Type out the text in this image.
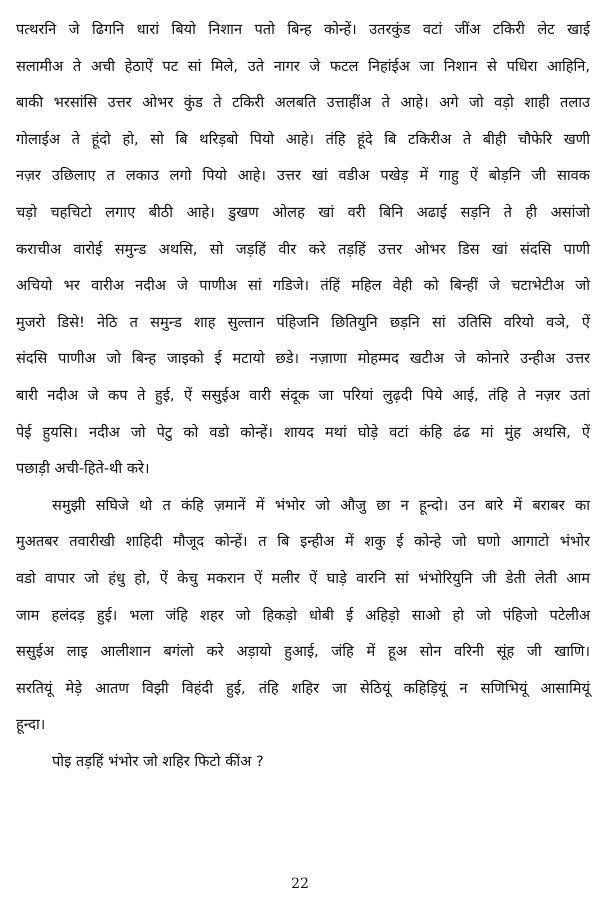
पत्थरनि जे ढिगनि धारां बियो निशान पतो बिन्ह कोन्हें। उतरकुंड वटां जींअ टकिरी लेट खाई
सलामीअ ते अची हेठाऐं पट सां मिले, उते नागर जे फटल निहांईअ जा निशान से पधिरा आहिनि,
बाकी भरसांसि उत्तर ओभर कुंड ते टकिरी अलबति उत्ताहींअ ते आहे। अगे जो वड़ो शाही तलाउ
गोलाईअ ते हूंदो हो, सो बि थरिड़बो पियो आहे। तंहि हूंदे बि टकिरीअ ते बीही चौफेरि खणी
नज़र उछिलाए त लकाउ लगो पियो आहे। उत्तर खां वडीअ पखेड़ में गाहु ऐं बोड़नि जी सावक
चड़ो चहचिटो लगाए बीठी आहे। डुखण ओलह खां वरी बिनि अढाई सड़नि ते ही असांजो
कराचीअ वारोई समुन्ड अथसि, सो जड़हिं वीर करे तड़हिं उत्तर ओभर डिस खां संदसि पाणी
अचियो भर वारीअ नदीअ जे पाणीअ सां गडिजे। तंहिं महिल वेही को बिन्हीं जे चटाभेटीअ जो
मुजरो डिसे! नेठि त समुन्ड शाह सुल्तान पंहिजनि छितियुनि छड़नि सां उतिसि वरियो वञे, ऐं
संदसि पाणीअ जो बिन्ह जाइको ई मटायो छडे। नज़ाणा मोहम्मद खटीअ जे कोनारे उन्हीअ उत्तर
बारी नदीअ जे कप ते हुई, ऐं ससुईअ वारी संदूक जा परियां लुढ़दी पिये आई, तंहि ते नज़र उतां
पेई हुयसि। नदीअ जो पेटु को वडो कोन्हें। शायद मथां घोड़े वटां कंहि ढंढ मां मुंह अथसि, ऐं
पछाड़ी अची-हिते-थी करे।
समुझी सघिजे थो त कंहि ज़मानें में भंभोर जो औजु छा न हून्दो। उन बारे में बराबर का
मुअतबर तवारीखी शाहिदी मौजूद कोन्हें। त बि इन्हीअ में शकु ई कोन्हे जो घणो आगाटो भंभोर
वडो वापार जो हंधु हो, ऐं केचु मकरान ऐं मलीर ऐं घाड़े वारनि सां भंभोरियुनि जी डेती लेती आम
जाम हलंदड़ हुई। भला जंहि शहर जो हिकड़ो धोबी ई अहिड़ो साओ हो जो पंहिजो पटेलीअ
ससुईअ लाइ आलीशान बगंलो करे अड़ायो हुआई, जंहि में हूअ सोन वरिनी सूंह जी खाणि।
सरतियूं मेड़े आतण विझी विहंदी हुई, तंहि शहिर जा सेठियूं कहिड़ियूं न सणिभियूं आसामियूं
हून्दा।
पोइ तड़हिं भंभोर जो शहिर फिटो कींअ ?
22
